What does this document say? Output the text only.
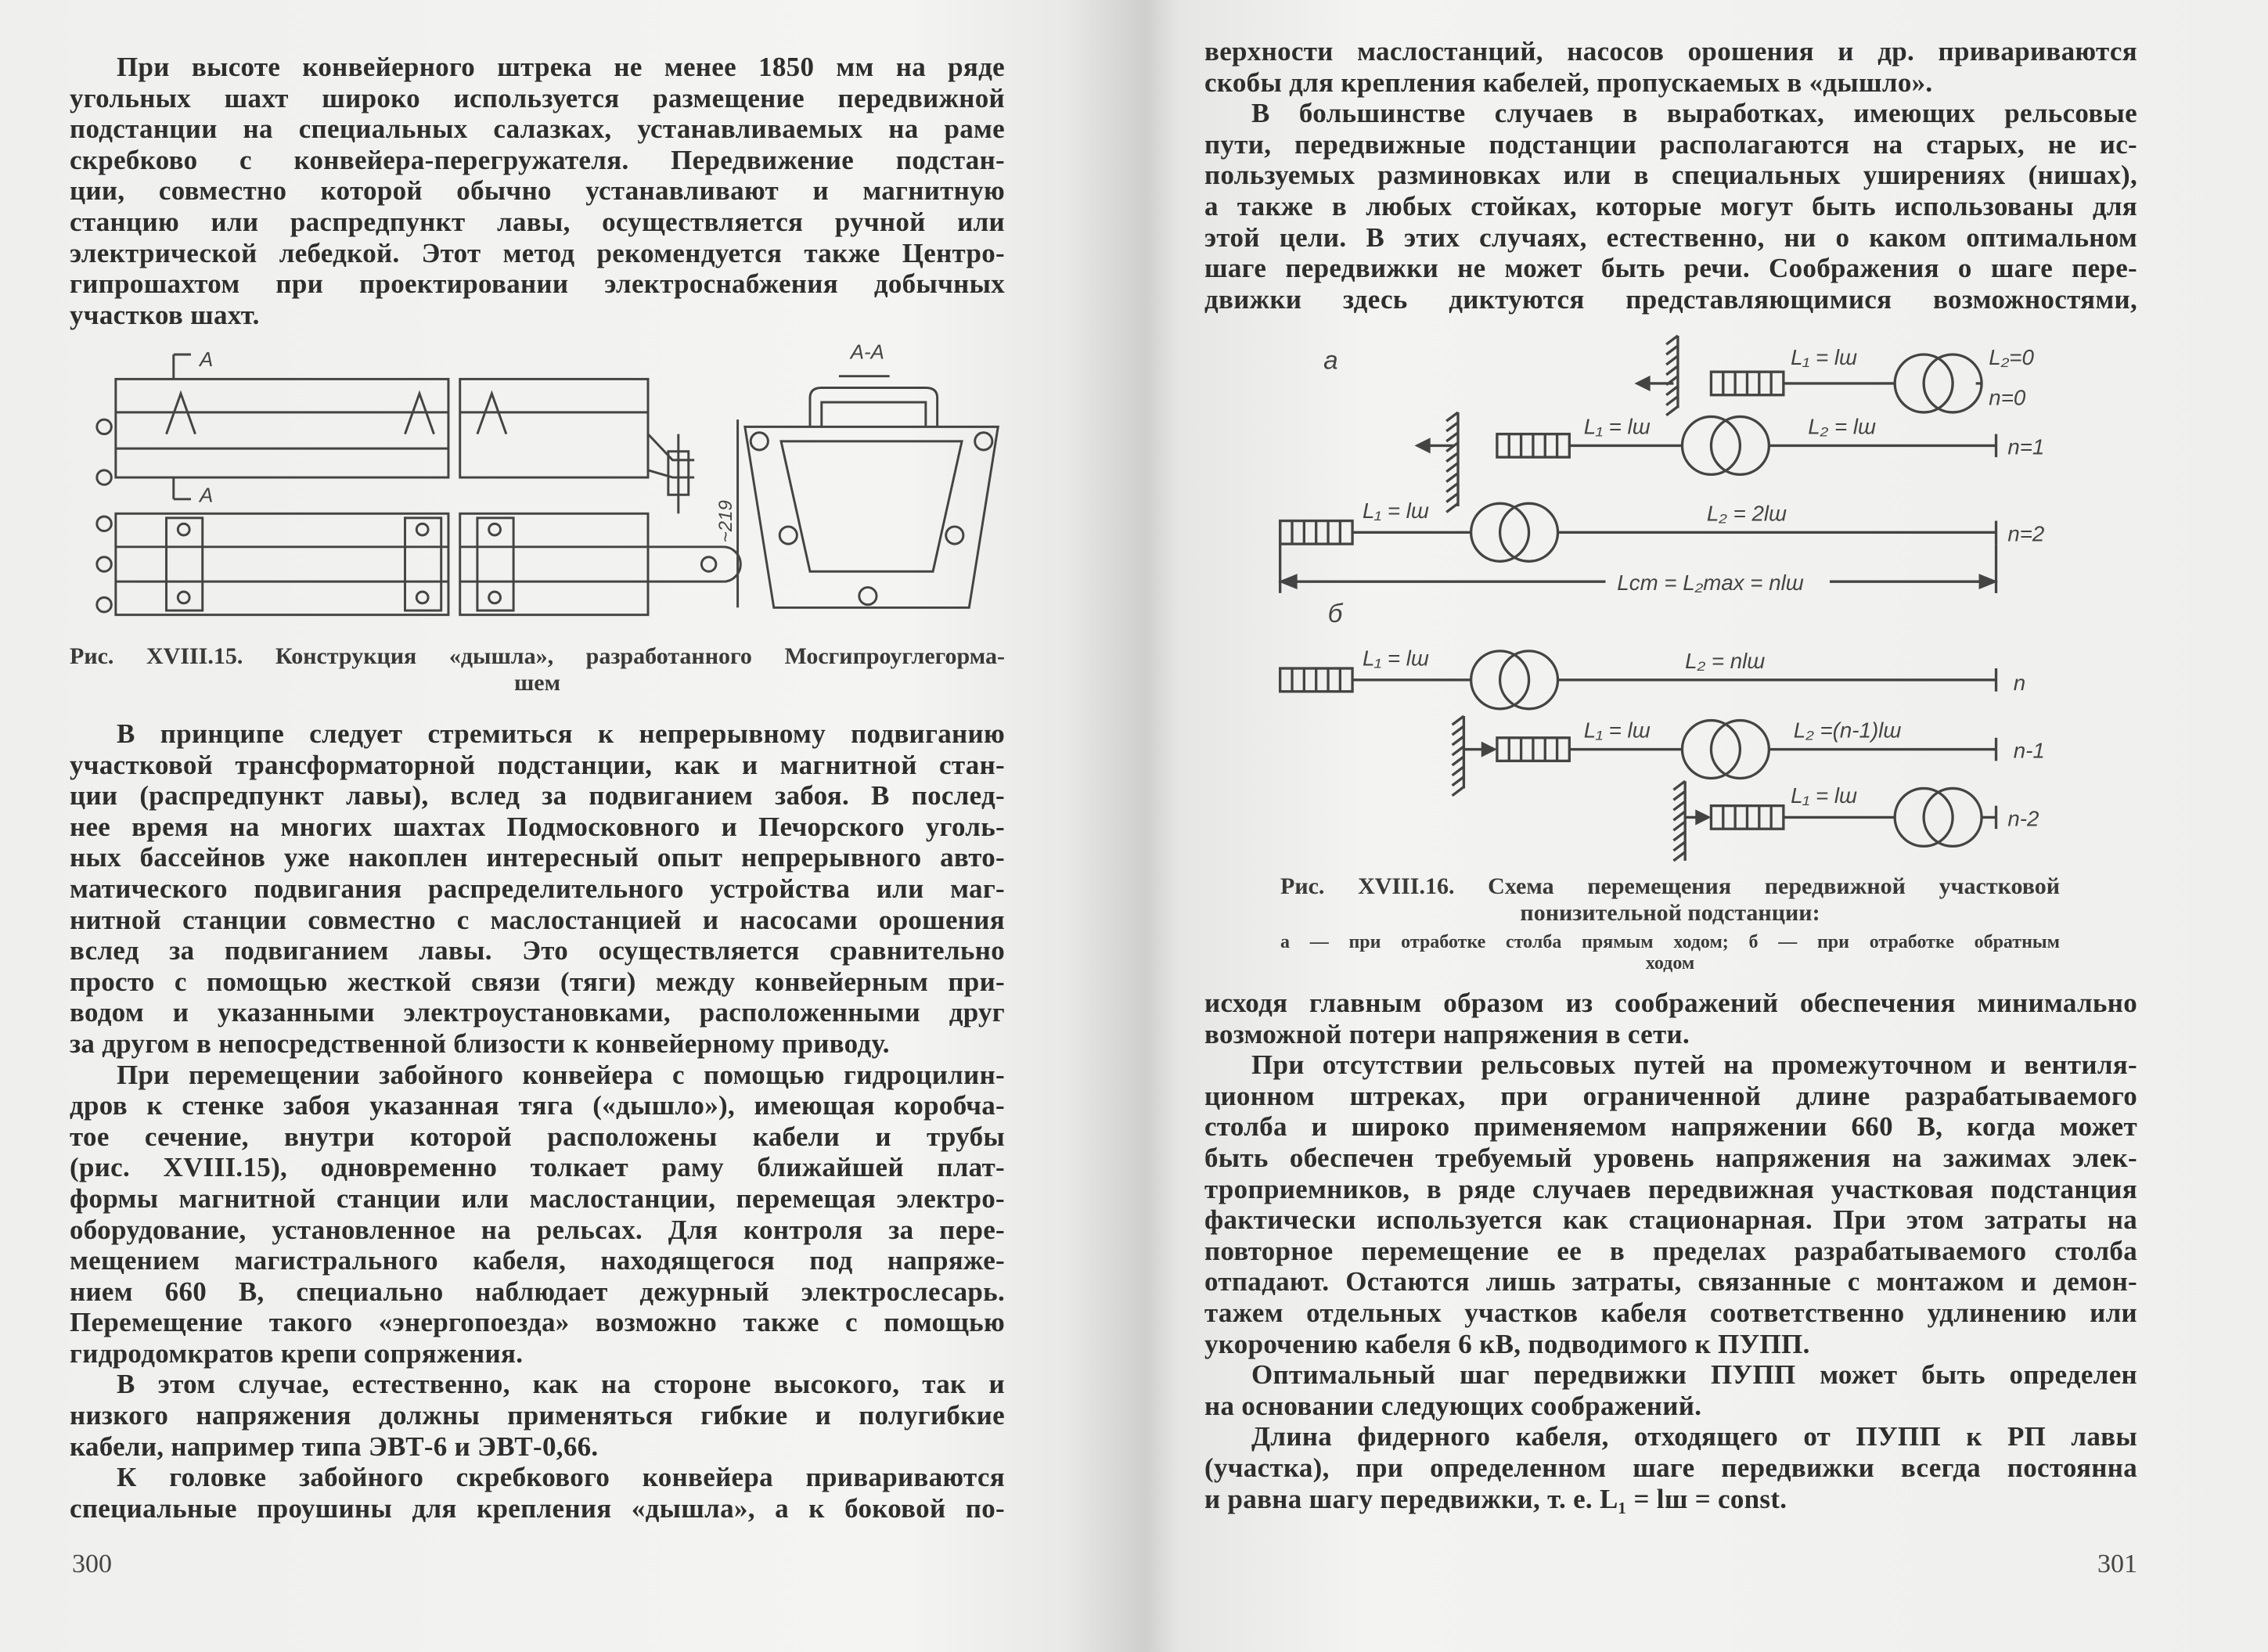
При высоте конвейерного штрека не менее 1850 мм на ряде
угольных шахт широко используется размещение передвижной
подстанции на специальных салазках, устанавливаемых на раме
скребково с конвейера-перегружателя. Передвижение подстан-
ции, совместно которой обычно устанавливают и магнитную
станцию или распредпункт лавы, осуществляется ручной или
электрической лебедкой. Этот метод рекомендуется также Центро-
гипрошахтом при проектировании электроснабжения добычных
участков шахт.
В принципе следует стремиться к непрерывному подвиганию
участковой трансформаторной подстанции, как и магнитной стан-
ции (распредпункт лавы), вслед за подвиганием забоя. В послед-
нее время на многих шахтах Подмосковного и Печорского уголь-
ных бассейнов уже накоплен интересный опыт непрерывного авто-
матического подвигания распределительного устройства или маг-
нитной станции совместно с маслостанцией и насосами орошения
вслед за подвиганием лавы. Это осуществляется сравнительно
просто с помощью жесткой связи (тяги) между конвейерным при-
водом и указанными электроустановками, расположенными друг
за другом в непосредственной близости к конвейерному приводу.
При перемещении забойного конвейера с помощью гидроцилин-
дров к стенке забоя указанная тяга («дышло»), имеющая коробча-
тое сечение, внутри которой расположены кабели и трубы
(рис. XVIII.15), одновременно толкает раму ближайшей плат-
формы магнитной станции или маслостанции, перемещая электро-
оборудование, установленное на рельсах. Для контроля за пере-
мещением магистрального кабеля, находящегося под напряже-
нием 660 В, специально наблюдает дежурный электрослесарь.
Перемещение такого «энергопоезда» возможно также с помощью
гидродомкратов крепи сопряжения.
В этом случае, естественно, как на стороне высокого, так и
низкого напряжения должны применяться гибкие и полугибкие
кабели, например типа ЭВТ-6 и ЭВТ-0,66.
К головке забойного скребкового конвейера привариваются
специальные проушины для крепления «дышла», а к боковой по-
верхности маслостанций, насосов орошения и др. привариваются
скобы для крепления кабелей, пропускаемых в «дышло».
В большинстве случаев в выработках, имеющих рельсовые
пути, передвижные подстанции располагаются на старых, не ис-
пользуемых разминовках или в специальных уширениях (нишах),
а также в любых стойках, которые могут быть использованы для
этой цели. В этих случаях, естественно, ни о каком оптимальном
шаге передвижки не может быть речи. Соображения о шаге пере-
движки здесь диктуются представляющимися возможностями,
исходя главным образом из соображений обеспечения минимально
возможной потери напряжения в сети.
При отсутствии рельсовых путей на промежуточном и вентиля-
ционном штреках, при ограниченной длине разрабатываемого
столба и широко применяемом напряжении 660 В, когда может
быть обеспечен требуемый уровень напряжения на зажимах элек-
троприемников, в ряде случаев передвижная участковая подстанция
фактически используется как стационарная. При этом затраты на
повторное перемещение ее в пределах разрабатываемого столба
отпадают. Остаются лишь затраты, связанные с монтажом и демон-
тажем отдельных участков кабеля соответственно удлинению или
укорочению кабеля 6 кВ, подводимого к ПУПП.
Оптимальный шаг передвижки ПУПП может быть определен
на основании следующих соображений.
Длина фидерного кабеля, отходящего от ПУПП к РП лавы
(участка), при определенном шаге передвижки всегда постоянна
и равна шагу передвижки, т. е. L₁ = lш = const.
А-А
А
А
~219
а
б
L₁ = lш	L₂=0
n=0
L₁ = lш	L₂ = lш
n=1
L₁ = lш	L₂ = 2lш
n=2
Lст = L₂max = nlш
L₁ = lш	L₂ = nlш
n
L₁ = lш	L₂ =(n-1)lш
n-1
L₁ = lш
n-2
Рис. XVIII.15. Конструкция «дышла», разработанного Мосгипроуглегорма-
шем
Рис. XVIII.16. Схема перемещения передвижной участковой
понизительной подстанции:
а — при отработке столба прямым ходом; б — при отработке обратным
ходом
300	301
